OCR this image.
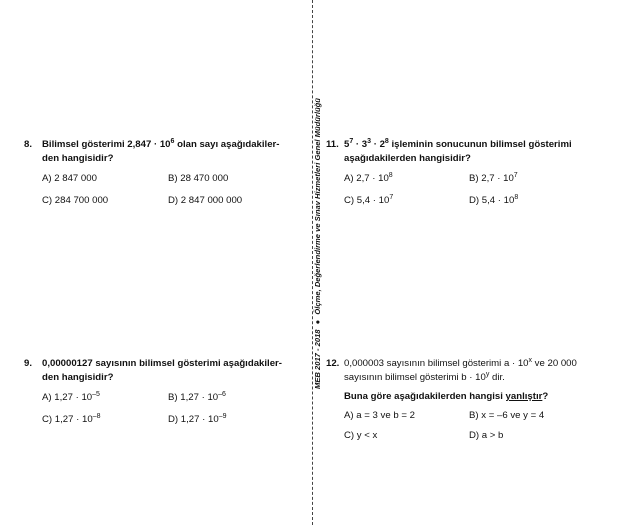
MEB 2017 - 2018 ● Ölçme, Değerlendirme ve Sınav Hizmetleri Genel Müdürlüğü
8. Bilimsel gösterimi $2,847 \cdot 10^6$ olan sayı aşağıdakiler-
den hangisidir?
A) 2 847 000	B) 28 470 000
C) 284 700 000	D) 2 847 000 000
9. 0,00000127 sayısının bilimsel gösterimi aşağıdakiler-
den hangisidir?
A) $1,27 \cdot 10^{-5}$	B) $1,27 \cdot 10^{-6}$
C) $1,27 \cdot 10^{-8}$	D) $1,27 \cdot 10^{-9}$
11. $5^7 \cdot 3^3 \cdot 2^8$ işleminin sonucunun bilimsel gösterimi
aşağıdakilerden hangisidir?
A) $2,7 \cdot 10^8$	B) $2,7 \cdot 10^7$
C) $5,4 \cdot 10^7$	D) $5,4 \cdot 10^8$
12. 0,000003 sayısının bilimsel gösterimi $a \cdot 10^x$ ve 20 000
sayısının bilimsel gösterimi $b \cdot 10^y$ dir.
Buna göre aşağıdakilerden hangisi yanlıştır?
A) a = 3 ve b = 2	B) x = –6 ve y = 4
C) y < x	D) a > b
